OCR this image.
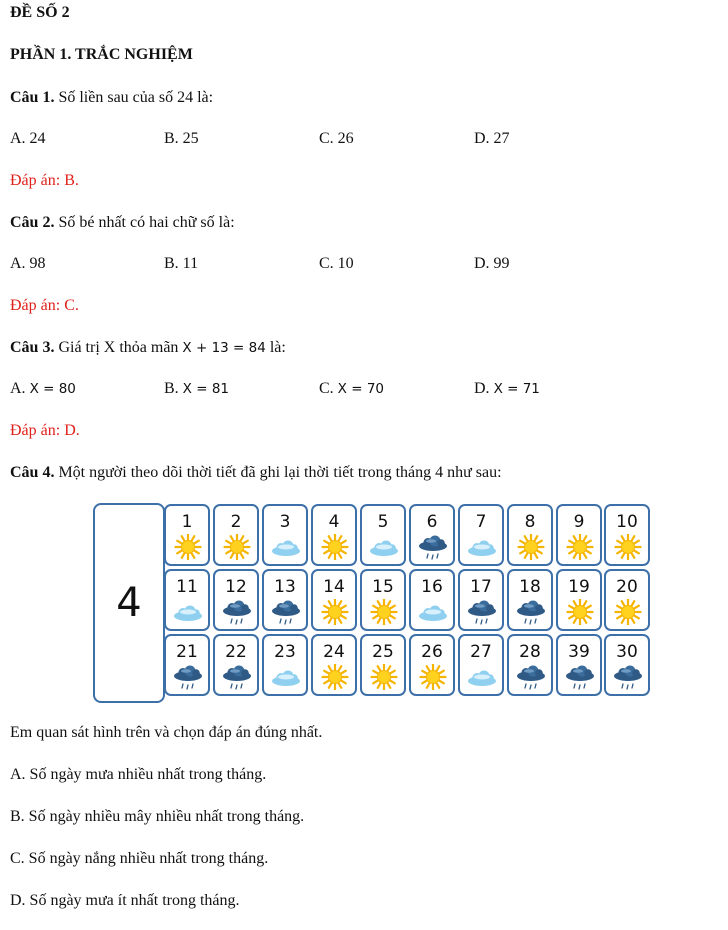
ĐỀ SỐ 2
PHẦN 1. TRẮC NGHIỆM
Câu 1. Số liền sau của số 24 là:
A. 24	B. 25	C. 26	D. 27
Đáp án: B.
Câu 2. Số bé nhất có hai chữ số là:
A. 98	B. 11	C. 10	D. 99
Đáp án: C.
Câu 3. Giá trị X thỏa mãn X + 13 = 84 là:
A. X = 80	B. X = 81	C. X = 70	D. X = 71
Đáp án: D.
Câu 4. Một người theo dõi thời tiết đã ghi lại thời tiết trong tháng 4 như sau:
4
1	2	3	4	5	6	7	8	9	10
11	12	13	14	15	16	17	18	19	20
21	22	23	24	25	26	27	28	39	30
Em quan sát hình trên và chọn đáp án đúng nhất.
A. Số ngày mưa nhiều nhất trong tháng.
B. Số ngày nhiều mây nhiều nhất trong tháng.
C. Số ngày nắng nhiều nhất trong tháng.
D. Số ngày mưa ít nhất trong tháng.
